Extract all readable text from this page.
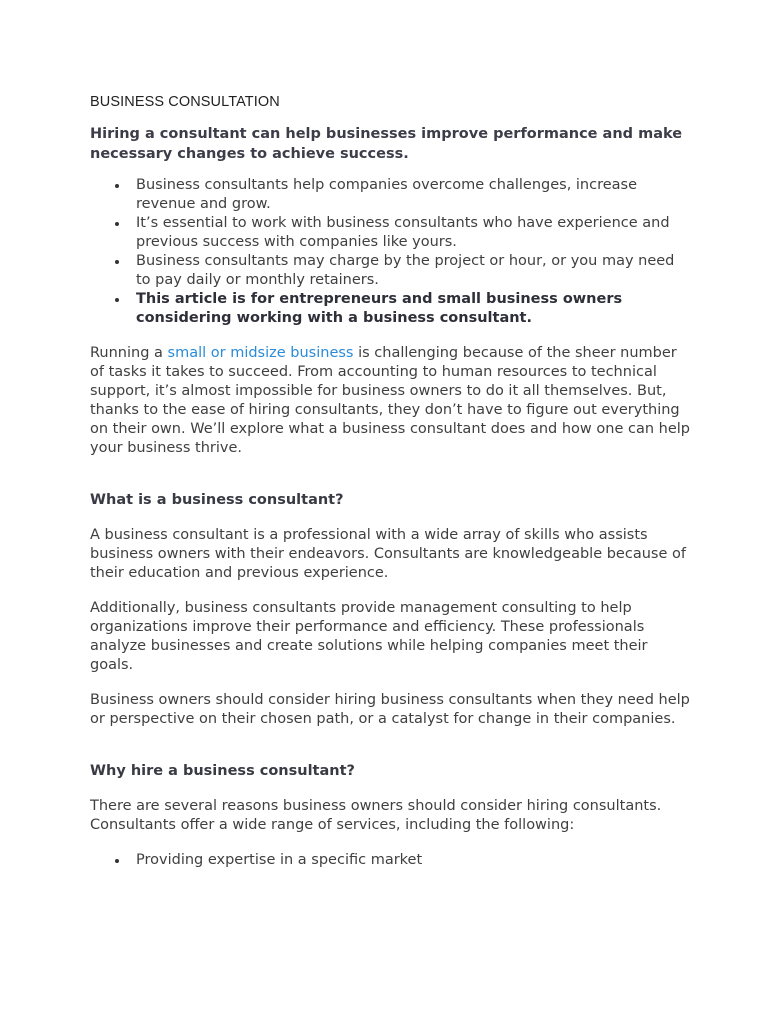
BUSINESS CONSULTATION

Hiring a consultant can help businesses improve performance and make necessary changes to achieve success.

Business consultants help companies overcome challenges, increase revenue and grow.
It’s essential to work with business consultants who have experience and previous success with companies like yours.
Business consultants may charge by the project or hour, or you may need to pay daily or monthly retainers.
This article is for entrepreneurs and small business owners considering working with a business consultant.

Running a small or midsize business is challenging because of the sheer number of tasks it takes to succeed. From accounting to human resources to technical support, it’s almost impossible for business owners to do it all themselves. But, thanks to the ease of hiring consultants, they don’t have to figure out everything on their own. We’ll explore what a business consultant does and how one can help your business thrive.

What is a business consultant?

A business consultant is a professional with a wide array of skills who assists business owners with their endeavors. Consultants are knowledgeable because of their education and previous experience.

Additionally, business consultants provide management consulting to help organizations improve their performance and efficiency. These professionals analyze businesses and create solutions while helping companies meet their goals.

Business owners should consider hiring business consultants when they need help or perspective on their chosen path, or a catalyst for change in their companies.

Why hire a business consultant?

There are several reasons business owners should consider hiring consultants. Consultants offer a wide range of services, including the following:

Providing expertise in a specific market
